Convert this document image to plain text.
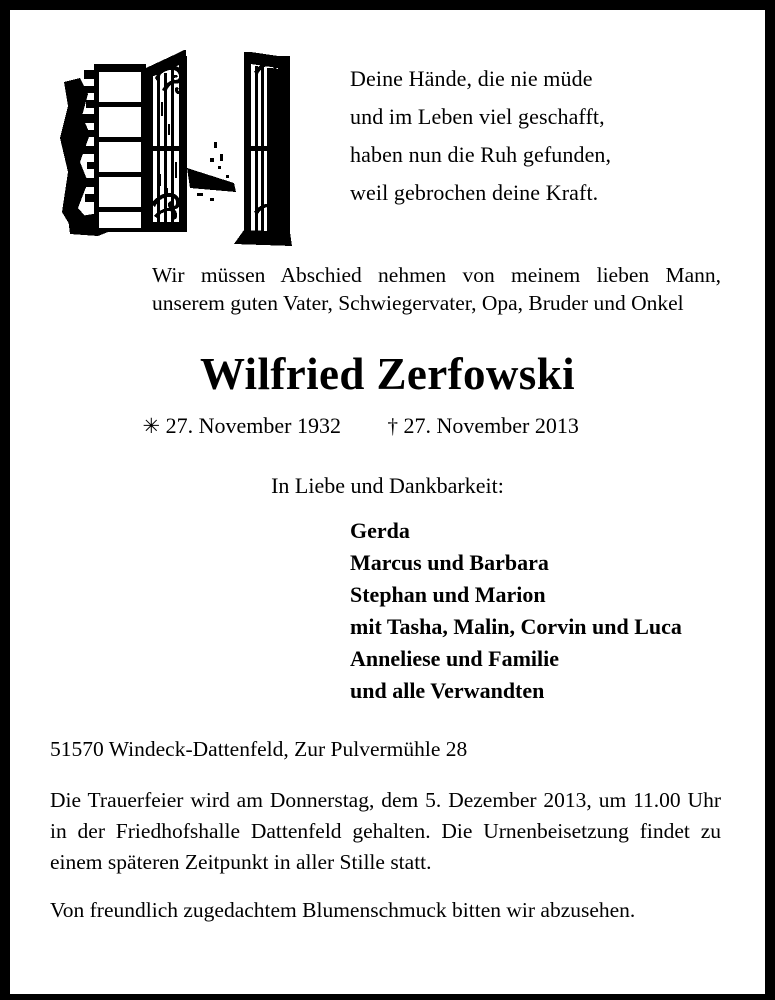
Deine Hände, die nie müde
und im Leben viel geschafft,
haben nun die Ruh gefunden,
weil gebrochen deine Kraft.
Wir müssen Abschied nehmen von meinem lieben Mann, unserem guten Vater, Schwiegervater, Opa, Bruder und Onkel
Wilfried Zerfowski
✳ 27. November 1932	† 27. November 2013
In Liebe und Dankbarkeit:
Gerda
Marcus und Barbara
Stephan und Marion
mit Tasha, Malin, Corvin und Luca
Anneliese und Familie
und alle Verwandten
51570 Windeck-Dattenfeld, Zur Pulvermühle 28
Die Trauerfeier wird am Donnerstag, dem 5. Dezember 2013, um 11.00 Uhr in der Friedhofshalle Dattenfeld gehalten. Die Urnenbeisetzung findet zu einem späteren Zeitpunkt in aller Stille statt.
Von freundlich zugedachtem Blumenschmuck bitten wir abzusehen.
